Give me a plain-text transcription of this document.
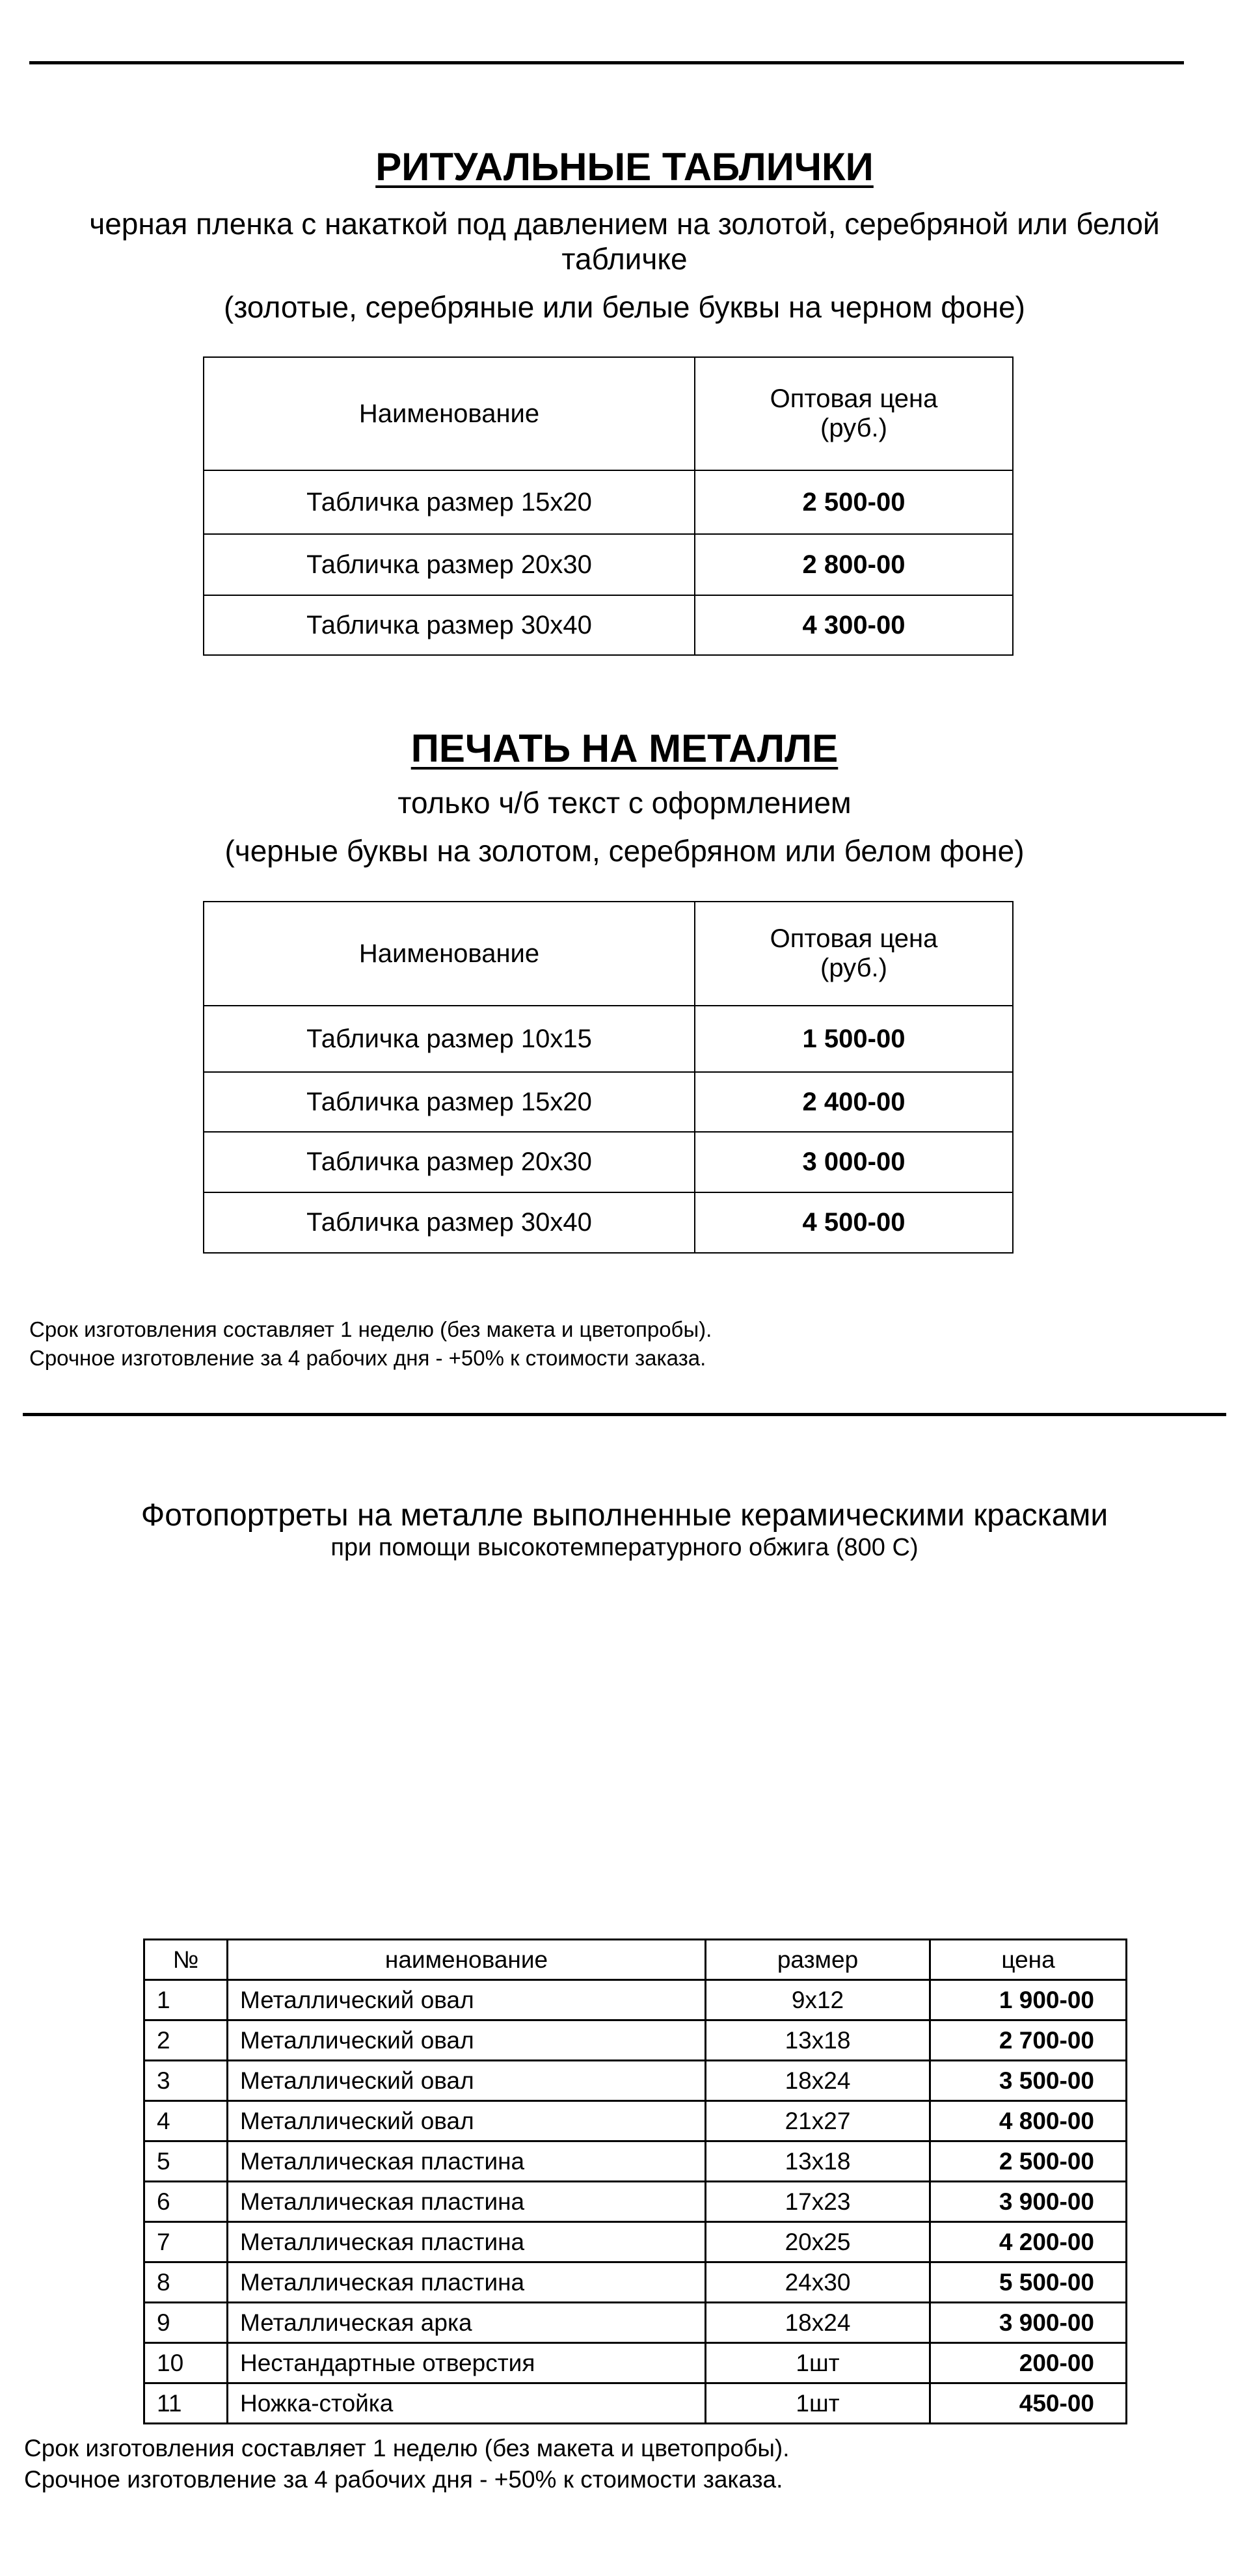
РИТУАЛЬНЫЕ ТАБЛИЧКИ
черная пленка с накаткой под давлением на золотой, серебряной или белой
табличке
(золотые, серебряные или белые буквы на черном фоне)
Наименование	Оптовая цена
(руб.)

Табличка размер 15х20	2 500-00
Табличка размер 20х30	2 800-00
Табличка размер 30х40	4 300-00
ПЕЧАТЬ НА МЕТАЛЛЕ
только ч/б текст с оформлением
(черные буквы на золотом, серебряном или белом фоне)
Наименование	Оптовая цена
(руб.)

Табличка размер 10х15	1 500-00
Табличка размер 15х20	2 400-00
Табличка размер 20х30	3 000-00
Табличка размер 30х40	4 500-00
Срок изготовления составляет 1 неделю (без макета и цветопробы).
Срочное изготовление за 4 рабочих дня - +50% к стоимости заказа.
Фотопортреты на металле выполненные керамическими красками
при помощи высокотемпературного обжига (800 С)
№	наименование	размер	цена
1	Металлический овал	9х12	1 900-00
2	Металлический овал	13х18	2 700-00
3	Металлический овал	18х24	3 500-00
4	Металлический овал	21х27	4 800-00
5	Металлическая пластина	13х18	2 500-00
6	Металлическая пластина	17х23	3 900-00
7	Металлическая пластина	20х25	4 200-00
8	Металлическая пластина	24х30	5 500-00
9	Металлическая арка	18х24	3 900-00
10	Нестандартные отверстия	1шт	200-00
11	Ножка-стойка	1шт	450-00
Срок изготовления составляет 1 неделю (без макета и цветопробы).
Срочное изготовление за 4 рабочих дня - +50% к стоимости заказа.
